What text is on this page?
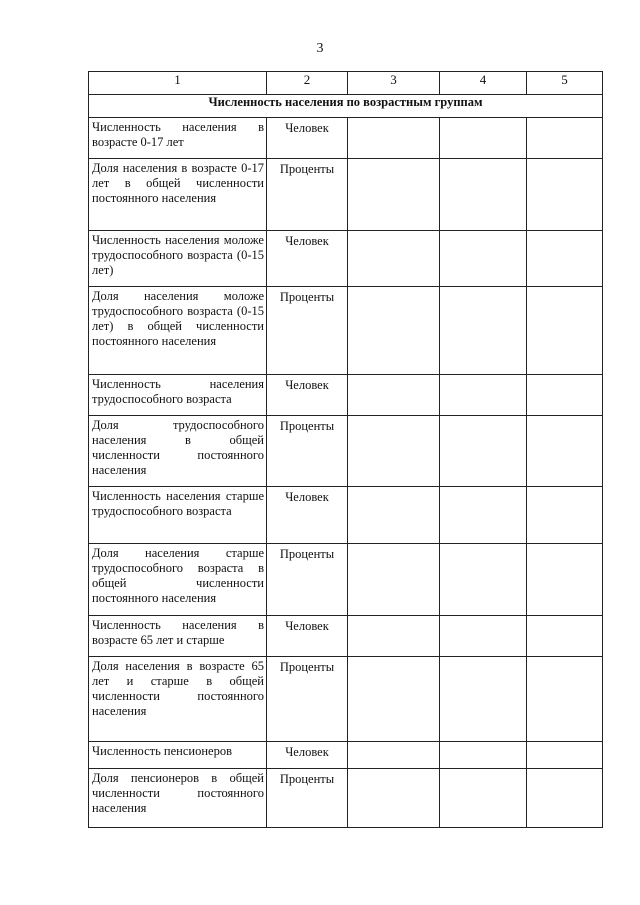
3
1	2	3	4	5
Численность населения по возрастным группам				
Численность населения в возрасте 0-17 лет	Человек			
Доля населения в возрасте 0-17 лет в общей численности постоянного населения	Проценты			
Численность населения моложе трудоспособного возраста (0-15 лет)	Человек			
Доля населения моложе трудоспособного возраста (0-15 лет) в общей численности постоянного населения	Проценты			
Численность населения трудоспособного возраста	Человек			
Доля трудоспособного населения в общей численности постоянного населения	Проценты			
Численность населения старше трудоспособного возраста	Человек			
Доля населения старше трудоспособного возраста в общей численности постоянного населения	Проценты			
Численность населения в возрасте 65 лет и старше	Человек			
Доля населения в возрасте 65 лет и старше в общей численности постоянного населения	Проценты			
Численность пенсионеров	Человек			
Доля пенсионеров в общей численности постоянного населения	Проценты			
